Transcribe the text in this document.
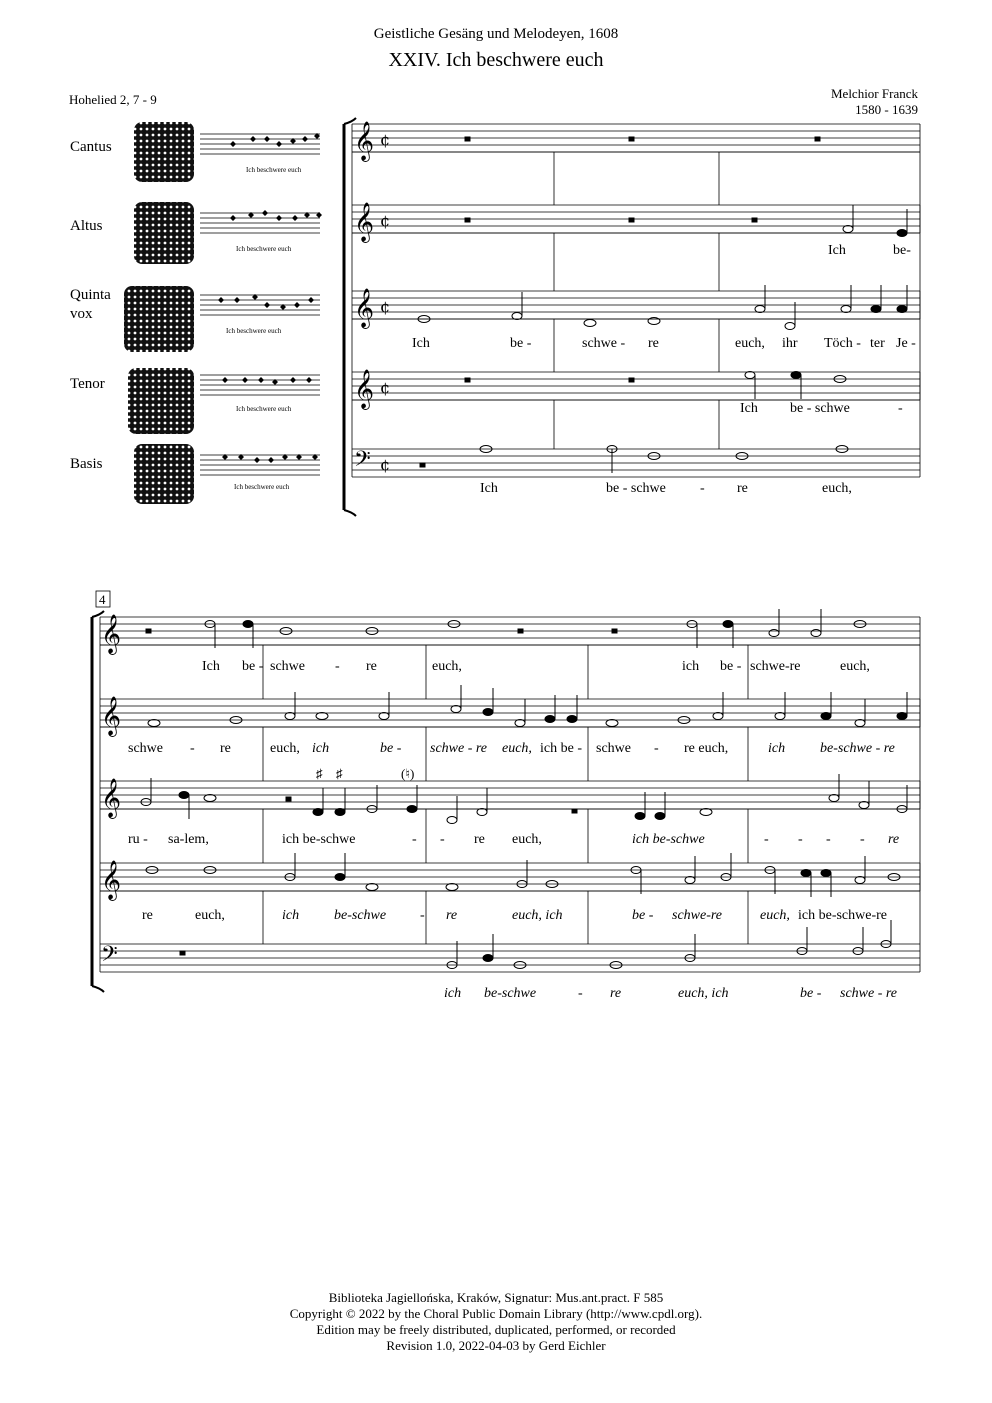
Geistliche Gesäng und Melodeyen, 1608
XXIV. Ich beschwere euch
Hohelied 2, 7 - 9	Melchior Franck
1580 - 1639
Cantus
Altus
Quinta
vox
Tenor
Basis
Ich beschwere euch
Ich beschwere euch
Ich beschwere euch
Ich beschwere euch
Ich beschwere euch
𝄞
𝄞
𝄞
𝄞
𝄢
¢
¢
¢
¢
¢
Ich	be-
Ich	be -	schwe - re	euch, ihr Töch - ter Je -
Ich be - schwe	-
Ich	be - schwe - re	euch,
4
𝄞
𝄞
𝄞
𝄞
𝄢
♯ ♯	(♮)
Ich be - schwe - re	euch,	ich be - schwe-re	euch,
schwe - re	euch, ich	be - schwe - re euch, ich be - schwe - re euch,	ich be-schwe - re
ru - sa-lem,	ich be-schwe	- - re euch,	ich be-schwe	- - - - re
re	euch,	ich be-schwe - re	euch, ich	be - schwe-re	euch, ich be-schwe-re
ich be-schwe	- re	euch, ich	be - schwe - re
Biblioteka Jagiellońska, Kraków, Signatur: Mus.ant.pract. F 585
Copyright © 2022 by the Choral Public Domain Library (http://www.cpdl.org).
Edition may be freely distributed, duplicated, performed, or recorded
Revision 1.0, 2022-04-03 by Gerd Eichler
